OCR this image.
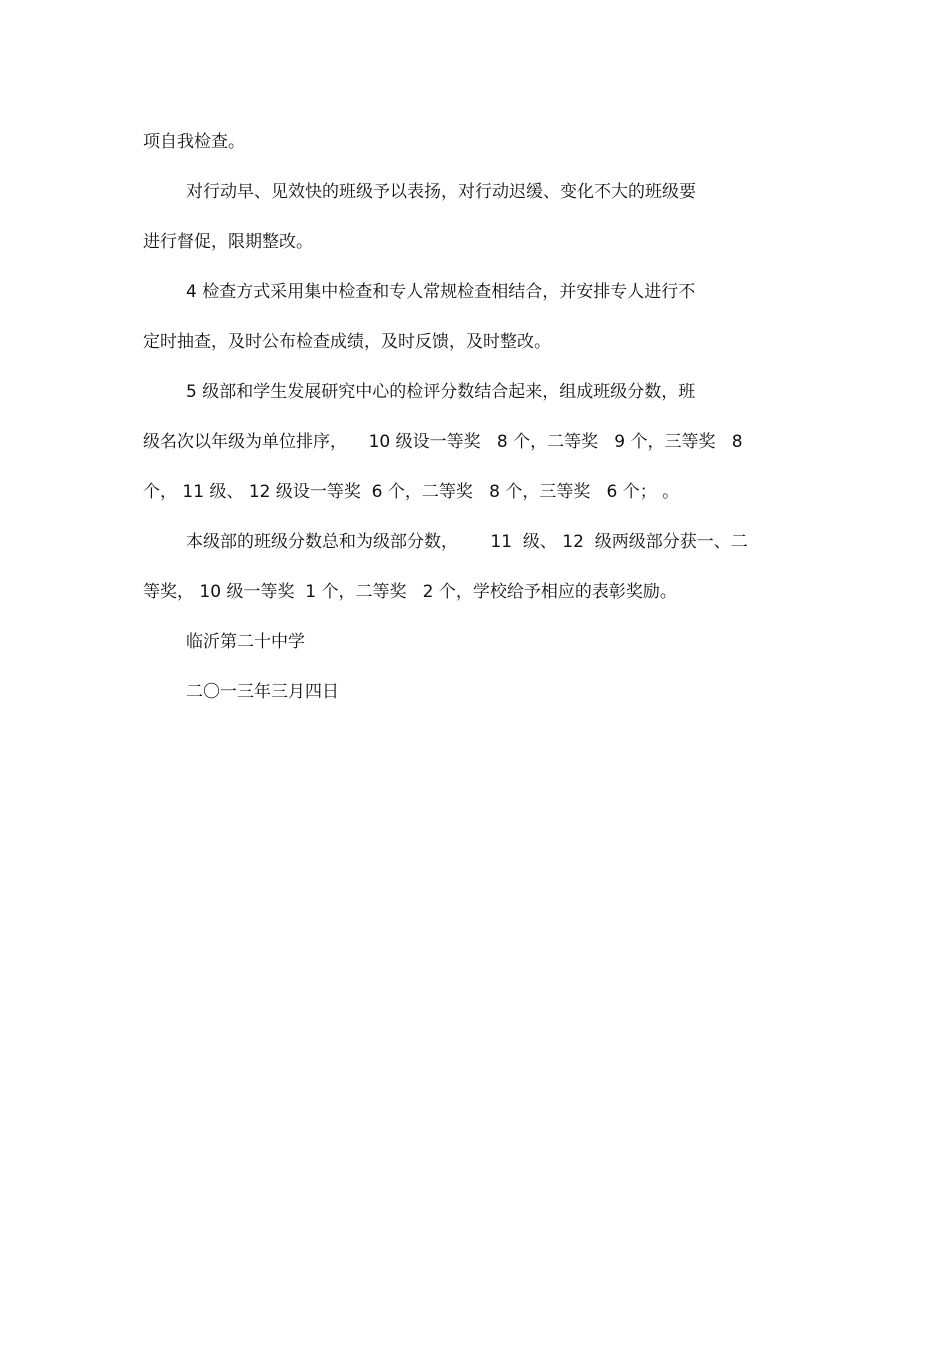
项自我检查。
对行动早、见效快的班级予以表扬，对行动迟缓、变化不大的班级要
进行督促，限期整改。
4 检查方式采用集中检查和专人常规检查相结合，并安排专人进行不
定时抽查，及时公布检查成绩，及时反馈，及时整改。
5 级部和学生发展研究中心的检评分数结合起来，组成班级分数，班
级名次以年级为单位排序，    10 级设一等奖   8 个，二等奖   9 个，三等奖   8
个， 11 级、 12 级设一等奖  6 个，二等奖   8 个，三等奖   6 个； 。
本级部的班级分数总和为级部分数，      11  级、 12  级两级部分获一、二
等奖， 10 级一等奖  1 个，二等奖   2 个，学校给予相应的表彰奖励。
临沂第二十中学
二〇一三年三月四日
